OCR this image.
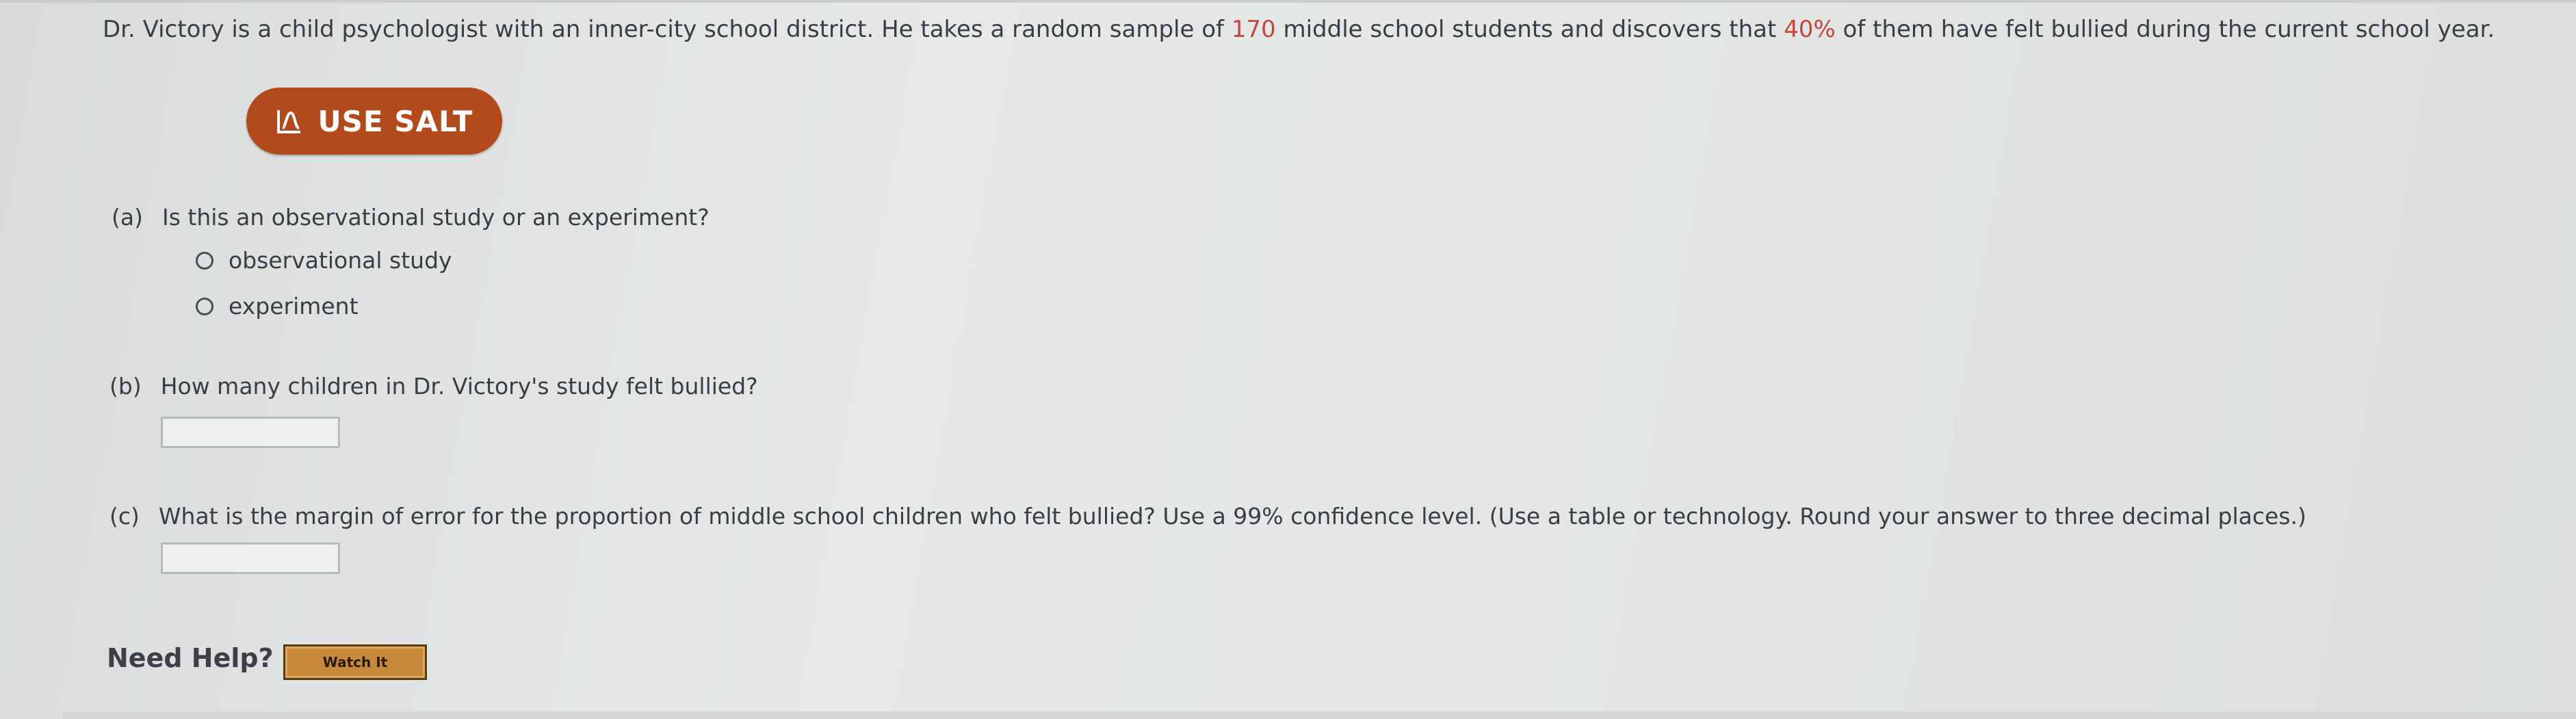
Dr. Victory is a child psychologist with an inner-city school district. He takes a random sample of 170 middle school students and discovers that 40% of them have felt bullied during the current school year.
USE SALT
(a) Is this an observational study or an experiment?
observational study
experiment
(b) How many children in Dr. Victory's study felt bullied?
(c) What is the margin of error for the proportion of middle school children who felt bullied? Use a 99% confidence level. (Use a table or technology. Round your answer to three decimal places.)
Need Help?	Watch It
